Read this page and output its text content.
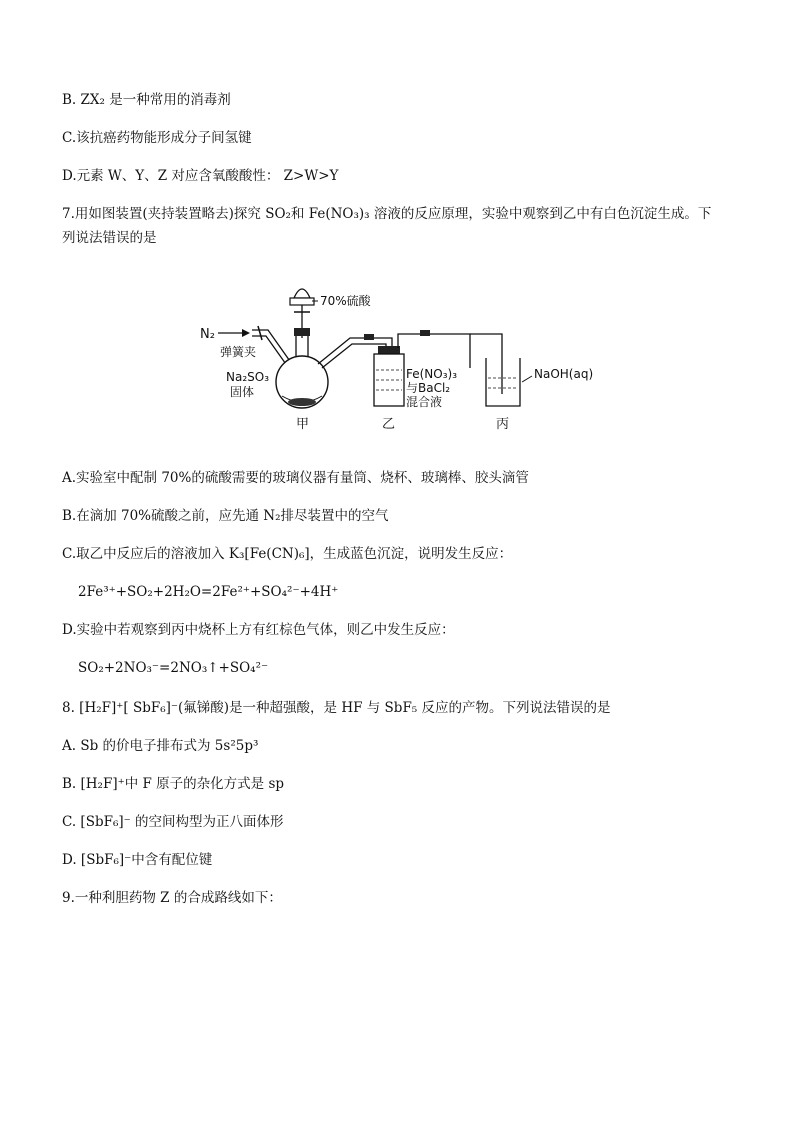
B. ZX₂ 是一种常用的消毒剂
C.该抗癌药物能形成分子间氢键
D.元素 W、Y、Z 对应含氧酸酸性： Z>W>Y
7.用如图装置(夹持装置略去)探究 SO₂和 Fe(NO₃)₃ 溶液的反应原理，实验中观察到乙中有白色沉淀生成。下
列说法错误的是
N₂
弹簧夹
70%硫酸
Na₂SO₃
固体
Fe(NO₃)₃
与BaCl₂
混合液
NaOH(aq)
甲	乙	丙
A.实验室中配制 70%的硫酸需要的玻璃仪器有量筒、烧杯、玻璃棒、胶头滴管
B.在滴加 70%硫酸之前，应先通 N₂排尽装置中的空气
C.取乙中反应后的溶液加入 K₃[Fe(CN)₆]，生成蓝色沉淀，说明发生反应：
2Fe³⁺+SO₂+2H₂O=2Fe²⁺+SO₄²⁻+4H⁺
D.实验中若观察到丙中烧杯上方有红棕色气体，则乙中发生反应：
SO₂+2NO₃⁻=2NO₃↑+SO₄²⁻
8. [H₂F]⁺[ SbF₆]⁻(氟锑酸)是一种超强酸，是 HF 与 SbF₅ 反应的产物。下列说法错误的是
A. Sb 的价电子排布式为 5s²5p³
B. [H₂F]⁺中 F 原子的杂化方式是 sp
C. [SbF₆]⁻ 的空间构型为正八面体形
D. [SbF₆]⁻中含有配位键
9.一种利胆药物 Z 的合成路线如下：
